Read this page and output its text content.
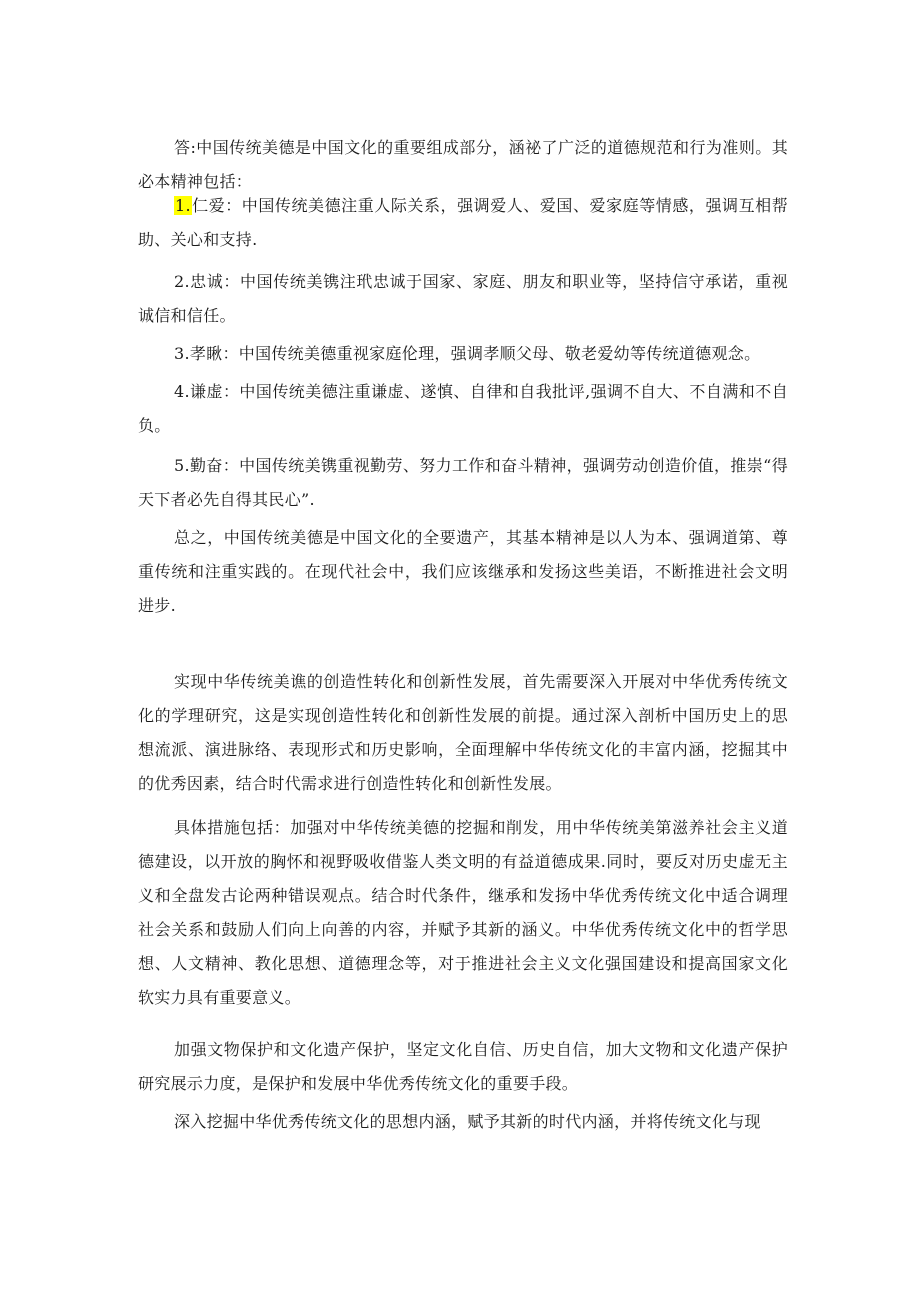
答:中国传统美德是中国文化的重要组成部分，涵祕了广泛的道德规范和行为准则。其必本精神包括：

1.仁爱：中国传统美德注重人际关系，强调爱人、爱国、爱家庭等情感，强调互相帮助、关心和支持.

2.忠诚：中国传统美镌注玳忠诚于国家、家庭、朋友和职业等，坚持信守承诺，重视诚信和信任。

3.孝瞅：中国传统美德重视家庭伦理，强调孝顺父母、敬老爱幼等传统道德观念。

4.谦虚：中国传统美德注重谦虚、遂慎、自律和自我批评,强调不自大、不自满和不自负。

5.勤奋：中国传统美镌重视勤劳、努力工作和奋斗精神，强调劳动创造价值，推崇“得天下者必先自得其民心”.

总之，中国传统美德是中国文化的全要遗产，其基本精神是以人为本、强调道第、尊重传统和注重实践的。在现代社会中，我们应该继承和发扬这些美语，不断推进社会文明进步.

实现中华传统美谯的创造性转化和创新性发展，首先需要深入开展对中华优秀传统文化的学理研究，这是实现创造性转化和创新性发展的前提。通过深入剖析中国历史上的思想流派、演进脉络、表现形式和历史影响，全面理解中华传统文化的丰富内涵，挖掘其中的优秀因素，结合时代需求进行创造性转化和创新性发展。

具体措施包括：加强对中华传统美德的挖掘和削发，用中华传统美第滋养社会主义道德建设，以开放的胸怀和视野吸收借鉴人类文明的有益道德成果.同时，要反对历史虚无主义和全盘发古论两种错误观点。结合时代条件，继承和发扬中华优秀传统文化中适合调理社会关系和鼓励人们向上向善的内容，并赋予其新的涵义。中华优秀传统文化中的哲学思想、人文精神、教化思想、道德理念等，对于推进社会主义文化强国建设和提高国家文化软实力具有重要意义。

加强文物保护和文化遗产保护，坚定文化自信、历史自信，加大文物和文化遗产保护研究展示力度，是保护和发展中华优秀传统文化的重要手段。

深入挖掘中华优秀传统文化的思想内涵，赋予其新的时代内涵，并将传统文化与现
